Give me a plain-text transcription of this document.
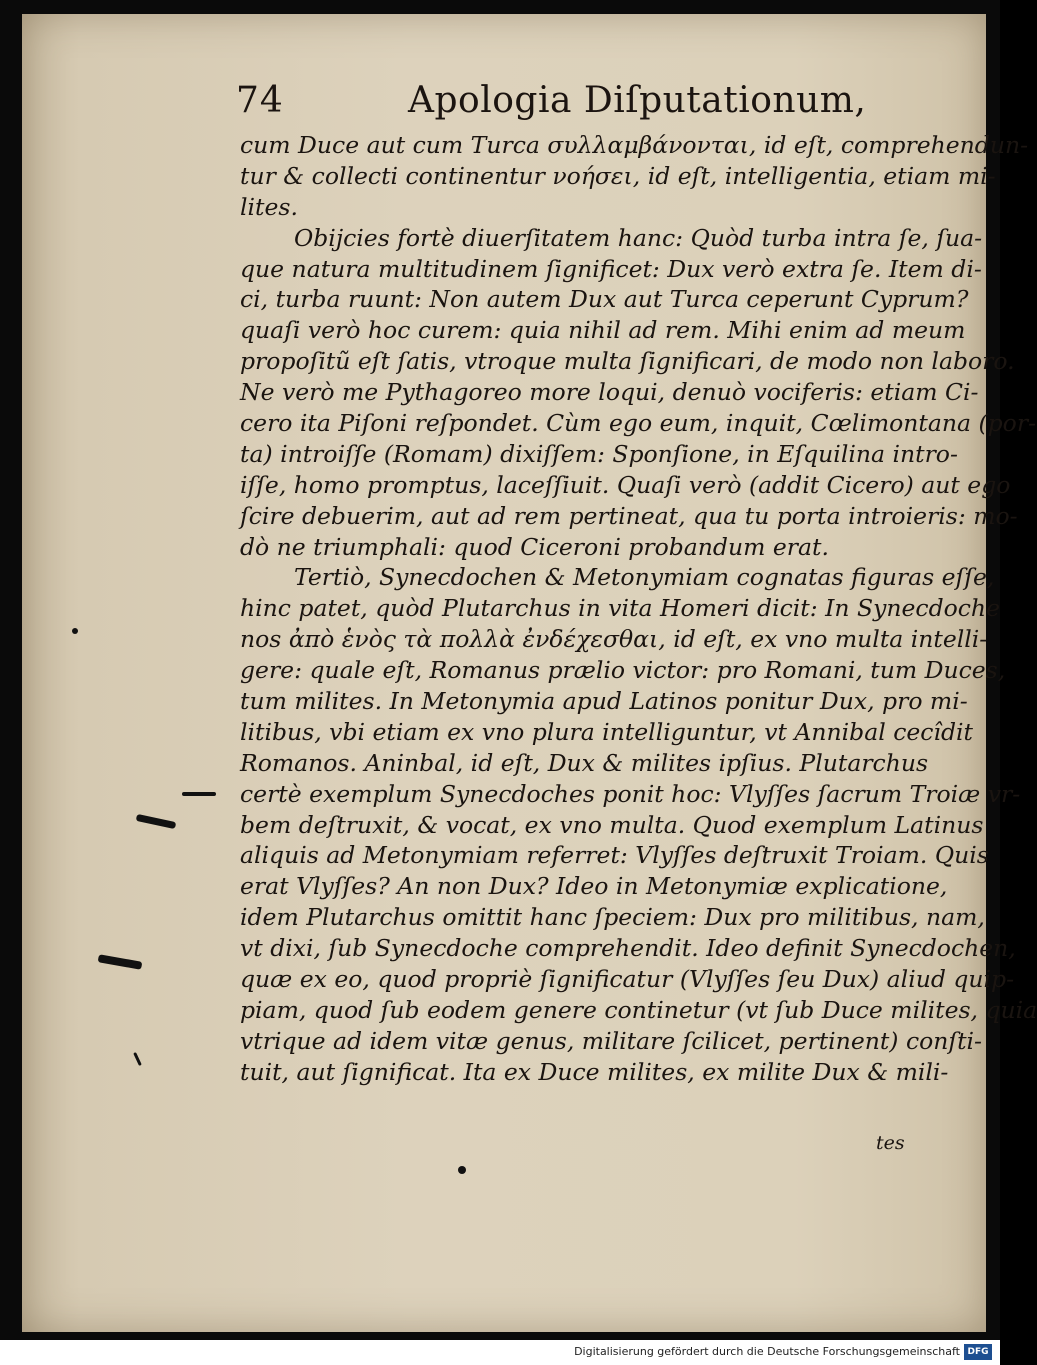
74	Apologia Diſputationum,
cum Duce aut cum Turca συλλαμβάνονται, id eſt, comprehendun-
tur & collecti continentur νοήσει, id eſt, intelligentia, etiam mi-
lites.
Obijcies fortè diuerſitatem hanc: Quòd turba intra ſe, ſua-
que natura multitudinem ſignificet: Dux verò extra ſe. Item di-
ci, turba ruunt: Non autem Dux aut Turca ceperunt Cyprum?
quaſi verò hoc curem: quia nihil ad rem. Mihi enim ad meum
propoſitũ eſt ſatis, vtroque multa ſignificari, de modo non laboro.
Ne verò me Pythagoreo more loqui, denuò vociferis: etiam Ci-
cero ita Piſoni reſpondet. Cùm ego eum, inquit, Cœlimontana (por-
ta) introiſſe (Romam) dixiſſem: Sponſione, in Eſquilina intro-
iſſe, homo promptus, laceſſiuit. Quaſi verò (addit Cicero) aut ego
ſcire debuerim, aut ad rem pertineat, qua tu porta introieris: mo-
dò ne triumphali: quod Ciceroni probandum erat.
Tertiò, Synecdochen & Metonymiam cognatas figuras eſſe,
hinc patet, quòd Plutarchus in vita Homeri dicit: In Synecdoche
nos ἀπὸ ἑνὸς τὰ πολλὰ ἐνδέχεσθαι, id eſt, ex vno multa intelli-
gere: quale eſt, Romanus prælio victor: pro Romani, tum Duces,
tum milites. In Metonymia apud Latinos ponitur Dux, pro mi-
litibus, vbi etiam ex vno plura intelliguntur, vt Annibal cecîdit
Romanos. Aninbal, id eſt, Dux & milites ipſius. Plutarchus
certè exemplum Synecdoches ponit hoc: Vlyſſes ſacrum Troiæ vr-
bem deſtruxit, & vocat, ex vno multa. Quod exemplum Latinus
aliquis ad Metonymiam referret: Vlyſſes deſtruxit Troiam. Quis
erat Vlyſſes? An non Dux? Ideo in Metonymiæ explicatione,
idem Plutarchus omittit hanc ſpeciem: Dux pro militibus, nam,
vt dixi, ſub Synecdoche comprehendit. Ideo definit Synecdochen,
quæ ex eo, quod propriè ſignificatur (Vlyſſes ſeu Dux) aliud quip-
piam, quod ſub eodem genere continetur (vt ſub Duce milites, quia
vtrique ad idem vitæ genus, militare ſcilicet, pertinent) conſti-
tuit, aut ſignificat. Ita ex Duce milites, ex milite Dux & mili-
tes
Digitalisierung gefördert durch die Deutsche Forschungsgemeinschaft DFG
